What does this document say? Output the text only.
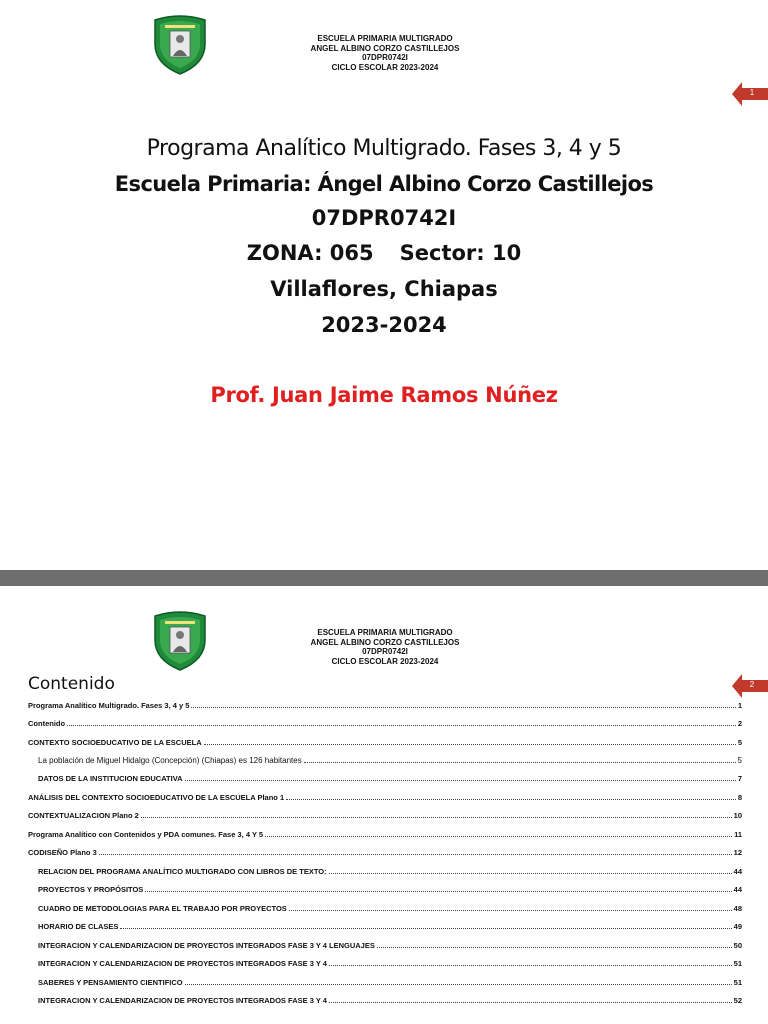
ESCUELA PRIMARIA MULTIGRADO
ANGEL ALBINO CORZO CASTILLEJOS
07DPR0742I
CICLO ESCOLAR 2023-2024
1
Programa Analítico Multigrado. Fases 3, 4 y 5
Escuela Primaria: Ángel Albino Corzo Castillejos
07DPR0742I
ZONA: 065 Sector: 10
Villaflores, Chiapas
2023-2024
Prof. Juan Jaime Ramos Núñez
ESCUELA PRIMARIA MULTIGRADO
ANGEL ALBINO CORZO CASTILLEJOS
07DPR0742I
CICLO ESCOLAR 2023-2024
2
Contenido
Programa Analítico Multigrado. Fases 3, 4 y 5	1
Contenido	2
CONTEXTO SOCIOEDUCATIVO DE LA ESCUELA	5
La población de Miguel Hidalgo (Concepción) (Chiapas) es 126 habitantes	5
DATOS DE LA INSTITUCION EDUCATIVA	7
ANÁLISIS DEL CONTEXTO SOCIOEDUCATIVO DE LA ESCUELA Plano 1	8
CONTEXTUALIZACION Plano 2	10
Programa Analítico con Contenidos y PDA comunes. Fase 3, 4 Y 5	11
CODISEÑO Plano 3	12
RELACION DEL PROGRAMA ANALÍTICO MULTIGRADO CON LIBROS DE TEXTO:	44
PROYECTOS Y PROPÓSITOS	44
CUADRO DE METODOLOGIAS PARA EL TRABAJO POR PROYECTOS	48
HORARIO DE CLASES	49
INTEGRACION Y CALENDARIZACION DE PROYECTOS INTEGRADOS FASE 3 Y 4 LENGUAJES	50
INTEGRACION Y CALENDARIZACION DE PROYECTOS INTEGRADOS FASE 3 Y 4	51
SABERES Y PENSAMIENTO CIENTIFICO	51
INTEGRACION Y CALENDARIZACION DE PROYECTOS INTEGRADOS FASE 3 Y 4	52
